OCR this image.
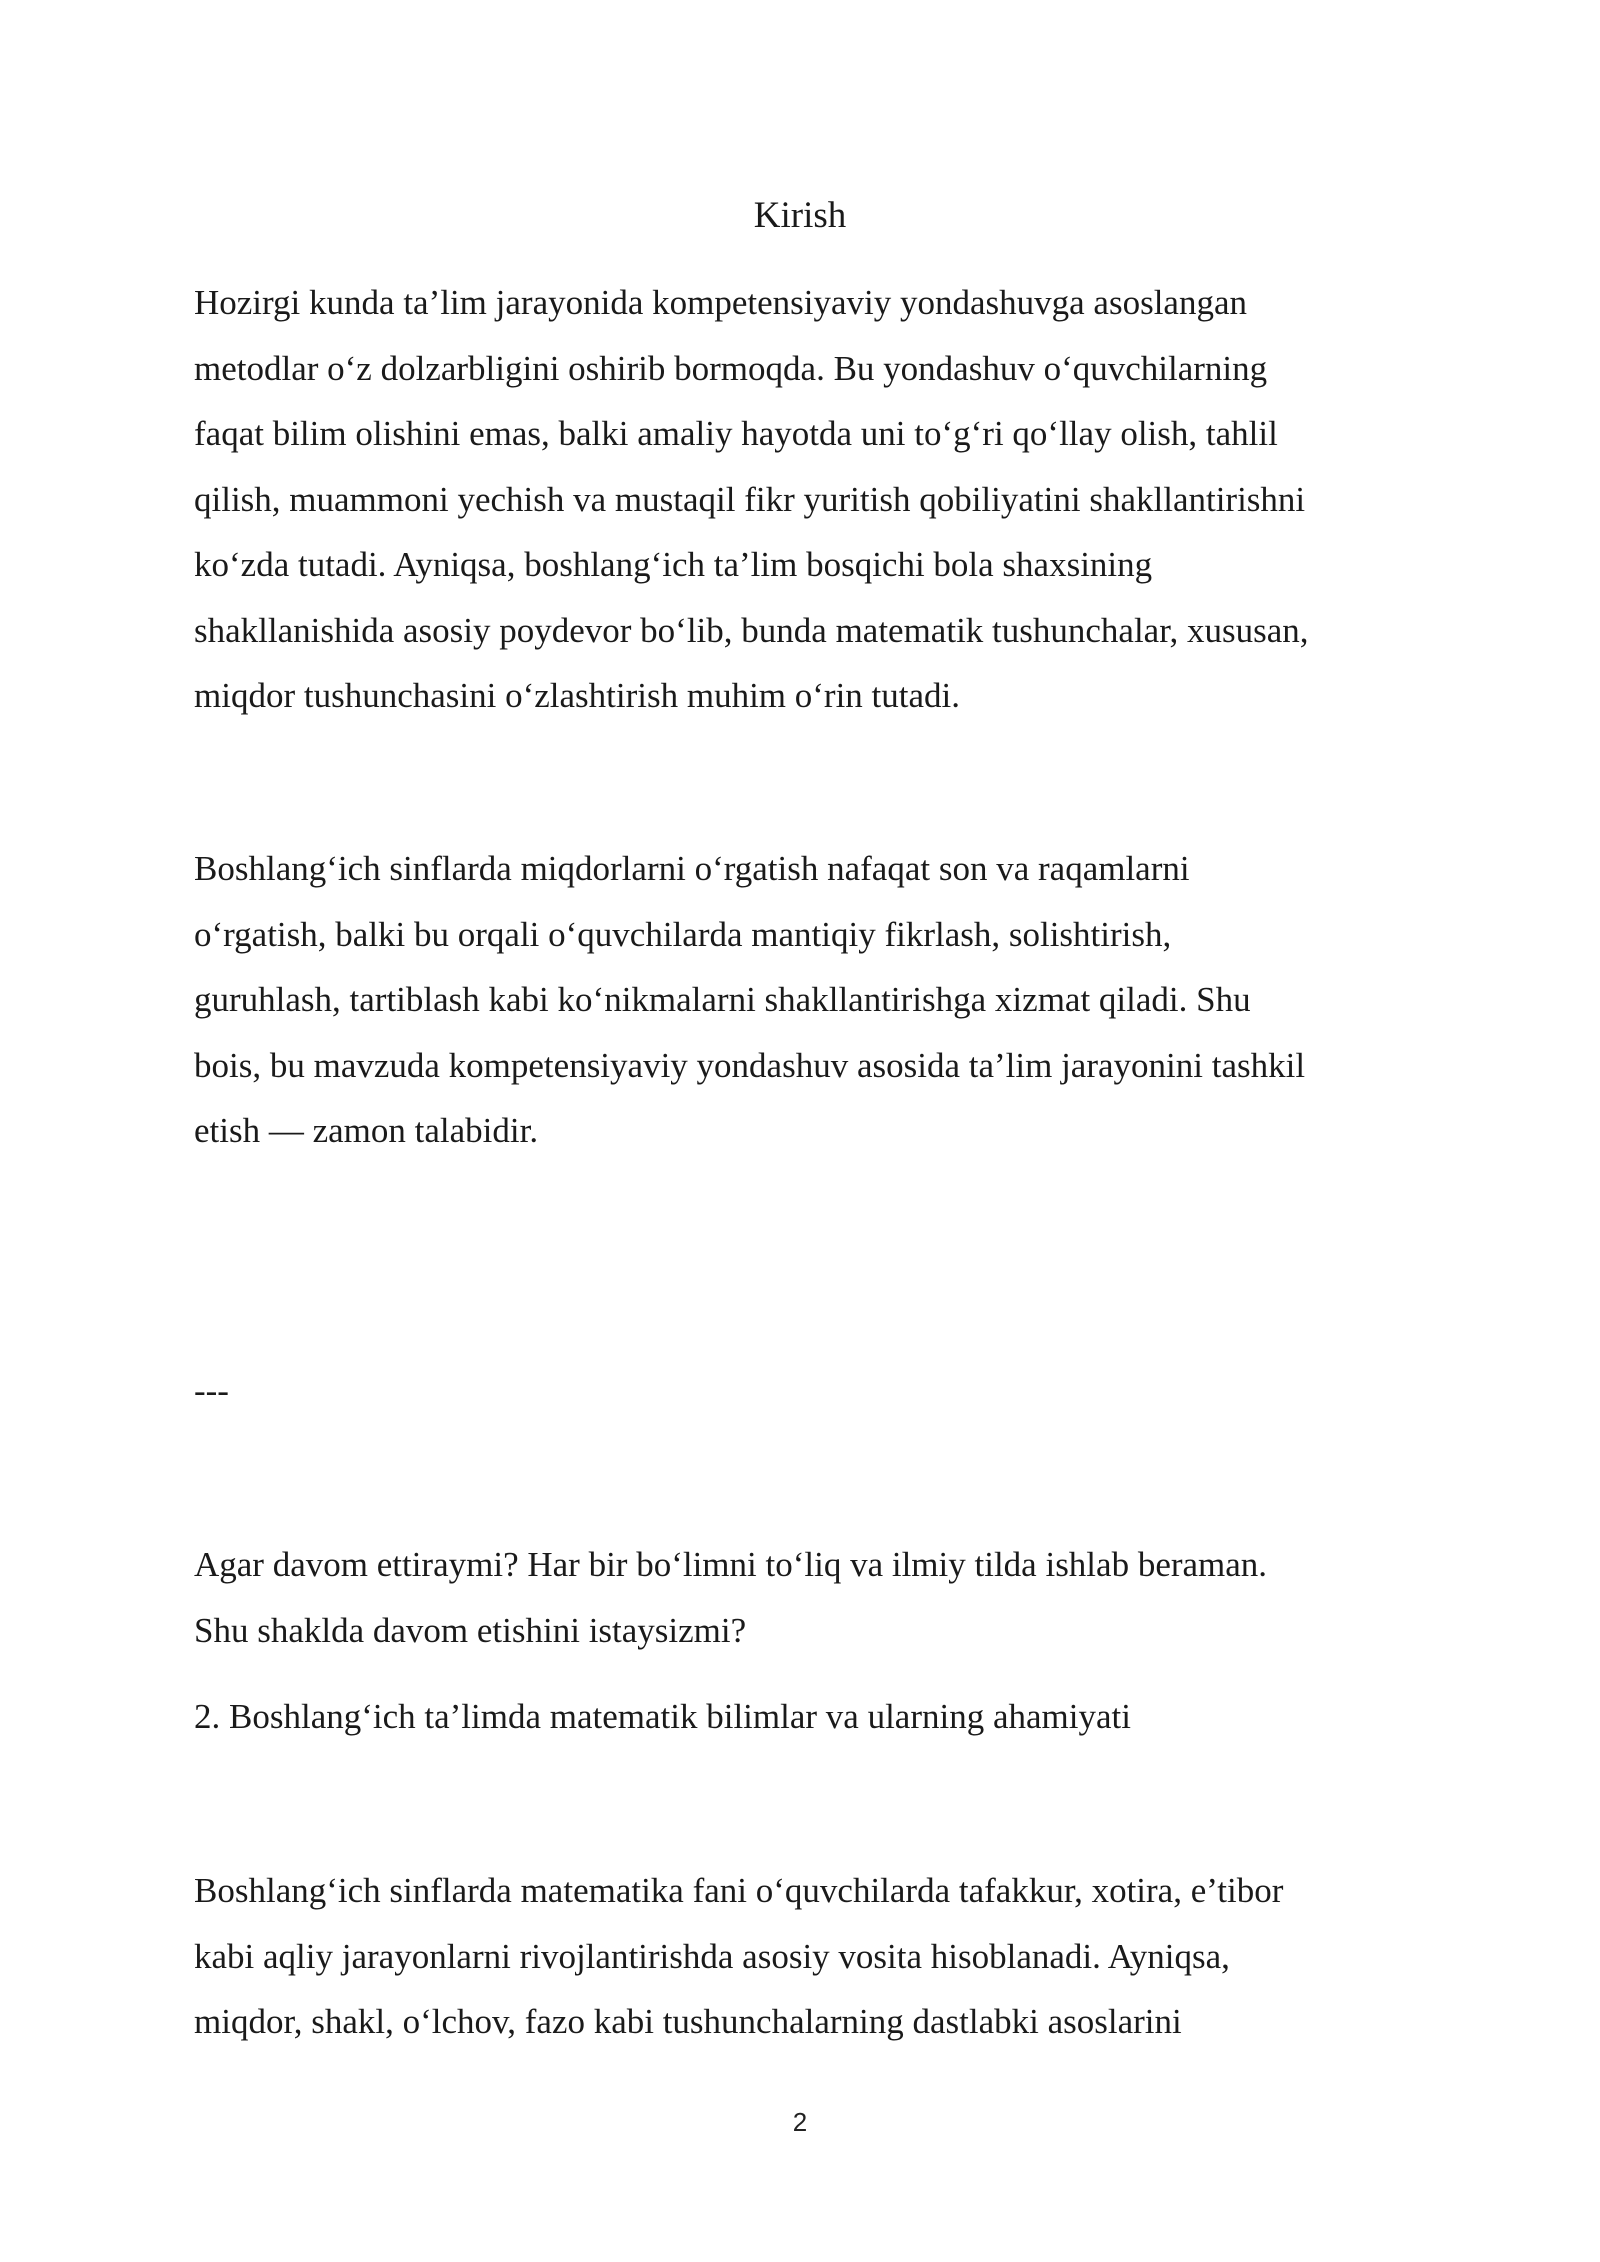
Kirish

Hozirgi kunda ta’lim jarayonida kompetensiyaviy yondashuvga asoslangan
metodlar o‘z dolzarbligini oshirib bormoqda. Bu yondashuv o‘quvchilarning
faqat bilim olishini emas, balki amaliy hayotda uni to‘g‘ri qo‘llay olish, tahlil
qilish, muammoni yechish va mustaqil fikr yuritish qobiliyatini shakllantirishni
ko‘zda tutadi. Ayniqsa, boshlang‘ich ta’lim bosqichi bola shaxsining
shakllanishida asosiy poydevor bo‘lib, bunda matematik tushunchalar, xususan,
miqdor tushunchasini o‘zlashtirish muhim o‘rin tutadi.

Boshlang‘ich sinflarda miqdorlarni o‘rgatish nafaqat son va raqamlarni
o‘rgatish, balki bu orqali o‘quvchilarda mantiqiy fikrlash, solishtirish,
guruhlash, tartiblash kabi ko‘nikmalarni shakllantirishga xizmat qiladi. Shu
bois, bu mavzuda kompetensiyaviy yondashuv asosida ta’lim jarayonini tashkil
etish — zamon talabidir.

---

Agar davom ettiraymi? Har bir bo‘limni to‘liq va ilmiy tilda ishlab beraman.
Shu shaklda davom etishini istaysizmi?

2. Boshlang‘ich ta’limda matematik bilimlar va ularning ahamiyati

Boshlang‘ich sinflarda matematika fani o‘quvchilarda tafakkur, xotira, e’tibor
kabi aqliy jarayonlarni rivojlantirishda asosiy vosita hisoblanadi. Ayniqsa,
miqdor, shakl, o‘lchov, fazo kabi tushunchalarning dastlabki asoslarini

2
